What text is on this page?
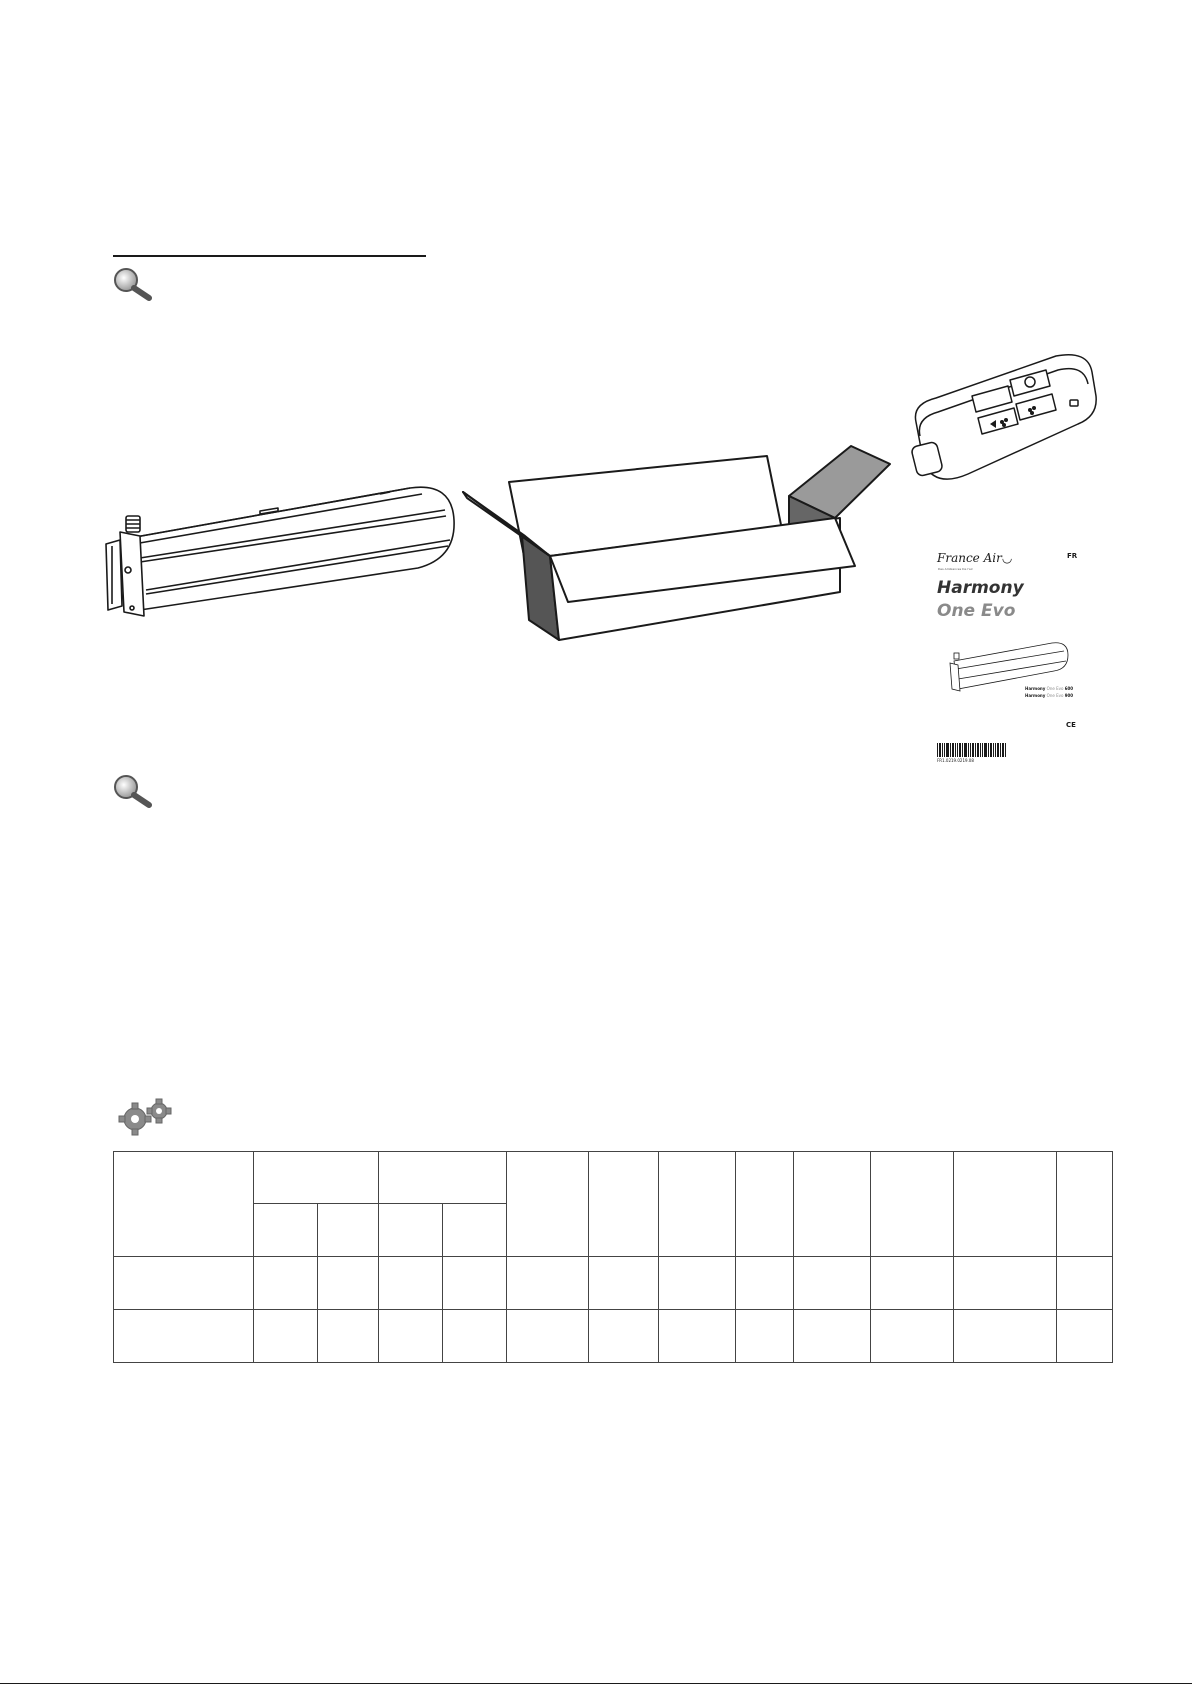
France Air◡
Des Ambiances De l'air
FR
Harmony
One Evo
Harmony One Evo 600
Harmony One Evo 900
CE
FR1.0219.0219.08
